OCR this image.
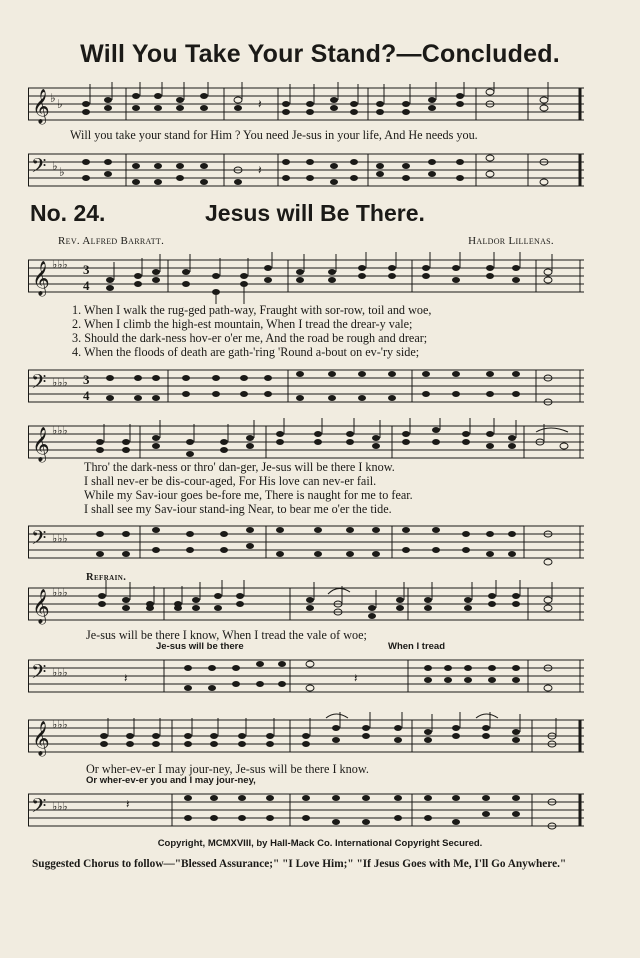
Will You Take Your Stand?—Concluded.
𝄞 ♭ ♭	𝄽
Will you take your stand for Him ? You need Je-sus in your life, And He needs you.
𝄢 ♭ ♭	𝄽
No. 24.	Jesus will Be There.
Rev. Alfred Barratt.	Haldor Lillenas.
𝄞 ♭♭♭ 3
4
1. When I walk the rug-ged path-way, Fraught with sor-row, toil and woe,
2. When I climb the high-est mountain, When I tread the drear-y vale;
3. Should the dark-ness hov-er o'er me, And the road be rough and drear;
4. When the floods of death are gath-'ring 'Round a-bout on ev-'ry side;
𝄢 ♭♭♭ 3
4
𝄞 ♭♭♭
Thro' the dark-ness or thro' dan-ger, Je-sus will be there I know.
I shall nev-er be dis-cour-aged, For His love can nev-er fail.
While my Sav-iour goes be-fore me, There is naught for me to fear.
I shall see my Sav-iour stand-ing Near, to bear me o'er the tide.
𝄢 ♭♭♭
Refrain.
𝄞 ♭♭♭
Je-sus will be there I know, When I tread the vale of woe;
Je-sus will be there	When I tread
𝄢 ♭♭♭	𝄽	𝄽
𝄞 ♭♭♭
Or wher-ev-er I may jour-ney, Je-sus will be there I know.
Or wher-ev-er you and I may jour-ney,
𝄢 ♭♭♭	𝄽
Copyright, MCMXVIII, by Hall-Mack Co. International Copyright Secured.
Suggested Chorus to follow—"Blessed Assurance;" "I Love Him;" "If Jesus Goes with Me, I'll Go Anywhere."
